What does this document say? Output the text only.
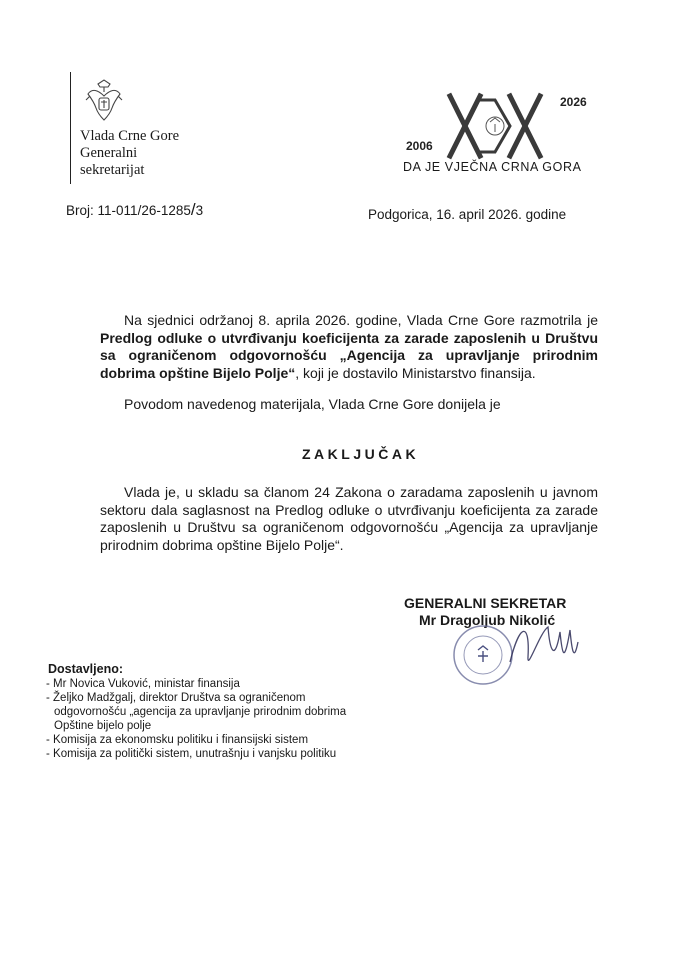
Vlada Crne Gore
Generalni
sekretarijat
2006
2026
DA JE VJEČNA CRNA GORA
Broj: 11-011/26-1285/3	Podgorica, 16. april 2026. godine
Na sjednici održanoj 8. aprila 2026. godine, Vlada Crne Gore razmotrila je Predlog odluke o utvrđivanju koeficijenta za zarade zaposlenih u Društvu sa ograničenom odgovornošću „Agencija za upravljanje prirodnim dobrima opštine Bijelo Polje“, koji je dostavilo Ministarstvo finansija.
Povodom navedenog materijala, Vlada Crne Gore donijela je
ZAKLJUČAK
Vlada je, u skladu sa članom 24 Zakona o zaradama zaposlenih u javnom sektoru dala saglasnost na Predlog odluke o utvrđivanju koeficijenta za zarade zaposlenih u Društvu sa ograničenom odgovornošću „Agencija za upravljanje prirodnim dobrima opštine Bijelo Polje“.
GENERALNI SEKRETAR
Mr Dragoljub Nikolić
Dostavljeno:
- Mr Novica Vuković, ministar finansija
- Željko Madžgalj, direktor Društva sa ograničenom
odgovornošću „agencija za upravljanje prirodnim dobrima
Opštine bijelo polje
- Komisija za ekonomsku politiku i finansijski sistem
- Komisija za politički sistem, unutrašnju i vanjsku politiku
